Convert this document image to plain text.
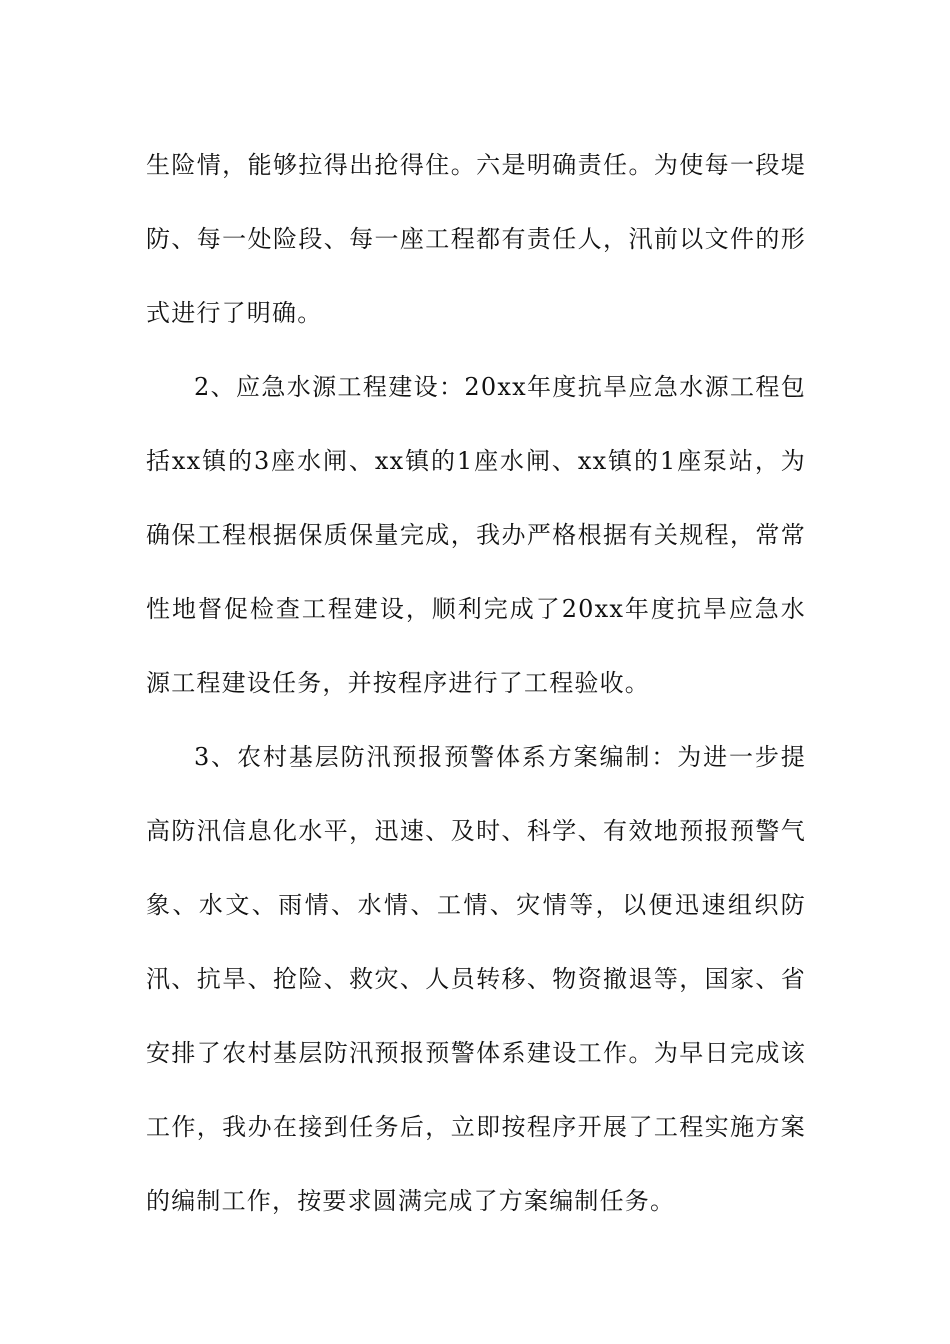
生险情，能够拉得出抢得住。六是明确责任。为使每一段堤防、每一处险段、每一座工程都有责任人，汛前以文件的形式进行了明确。

2、应急水源工程建设：20xx年度抗旱应急水源工程包括xx镇的3座水闸、xx镇的1座水闸、xx镇的1座泵站，为确保工程根据保质保量完成，我办严格根据有关规程，常常性地督促检查工程建设，顺利完成了20xx年度抗旱应急水源工程建设任务，并按程序进行了工程验收。

3、农村基层防汛预报预警体系方案编制：为进一步提高防汛信息化水平，迅速、及时、科学、有效地预报预警气象、水文、雨情、水情、工情、灾情等，以便迅速组织防汛、抗旱、抢险、救灾、人员转移、物资撤退等，国家、省安排了农村基层防汛预报预警体系建设工作。为早日完成该工作，我办在接到任务后，立即按程序开展了工程实施方案的编制工作，按要求圆满完成了方案编制任务。
